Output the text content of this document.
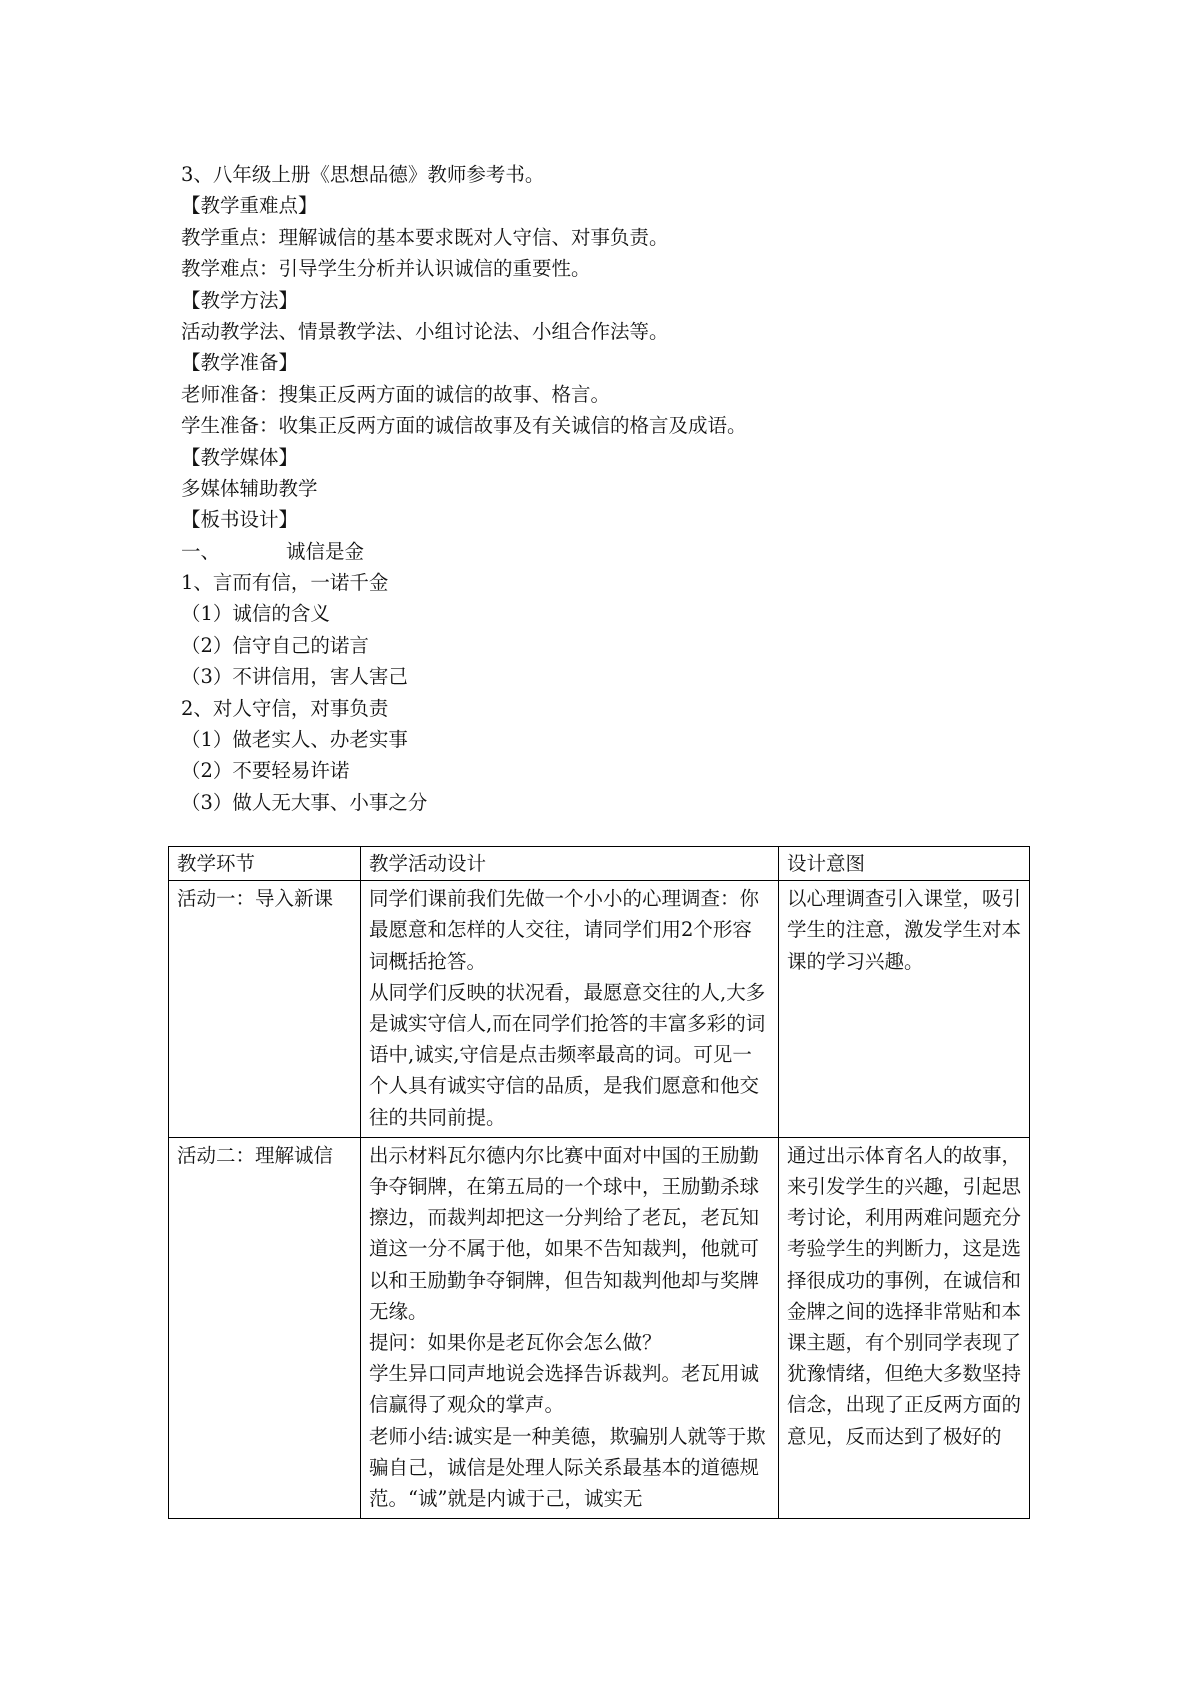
3、八年级上册《思想品德》教师参考书。
【教学重难点】
教学重点：理解诚信的基本要求既对人守信、对事负责。
教学难点：引导学生分析并认识诚信的重要性。
【教学方法】
活动教学法、情景教学法、小组讨论法、小组合作法等。
【教学准备】
老师准备：搜集正反两方面的诚信的故事、格言。
学生准备：收集正反两方面的诚信故事及有关诚信的格言及成语。
【教学媒体】
多媒体辅助教学
【板书设计】
一、	诚信是金
1、言而有信，一诺千金
（1）诚信的含义
（2）信守自己的诺言
（3）不讲信用，害人害己
2、对人守信，对事负责
（1）做老实人、办老实事
（2）不要轻易许诺
（3）做人无大事、小事之分
教学环节	教学活动设计	设计意图
活动一：导入新课	同学们课前我们先做一个小小的心理调查：你最愿意和怎样的人交往，请同学们用2个形容词概括抢答。

从同学们反映的状况看，最愿意交往的人,大多是诚实守信人,而在同学们抢答的丰富多彩的词语中,诚实,守信是点击频率最高的词。可见一个人具有诚实守信的品质，是我们愿意和他交往的共同前提。	以心理调查引入课堂，吸引学生的注意，激发学生对本课的学习兴趣。
活动二：理解诚信	出示材料瓦尔德内尔比赛中面对中国的王励勤争夺铜牌，在第五局的一个球中，王励勤杀球擦边，而裁判却把这一分判给了老瓦，老瓦知道这一分不属于他，如果不告知裁判，他就可以和王励勤争夺铜牌，但告知裁判他却与奖牌无缘。

提问：如果你是老瓦你会怎么做？

学生异口同声地说会选择告诉裁判。老瓦用诚信赢得了观众的掌声。

老师小结:诚实是一种美德，欺骗别人就等于欺骗自己，诚信是处理人际关系最基本的道德规范。“诚”就是内诚于己，诚实无	通过出示体育名人的故事，来引发学生的兴趣，引起思考讨论，利用两难问题充分考验学生的判断力，这是选择很成功的事例，在诚信和金牌之间的选择非常贴和本课主题，有个别同学表现了犹豫情绪，但绝大多数坚持信念，出现了正反两方面的意见，反而达到了极好的
